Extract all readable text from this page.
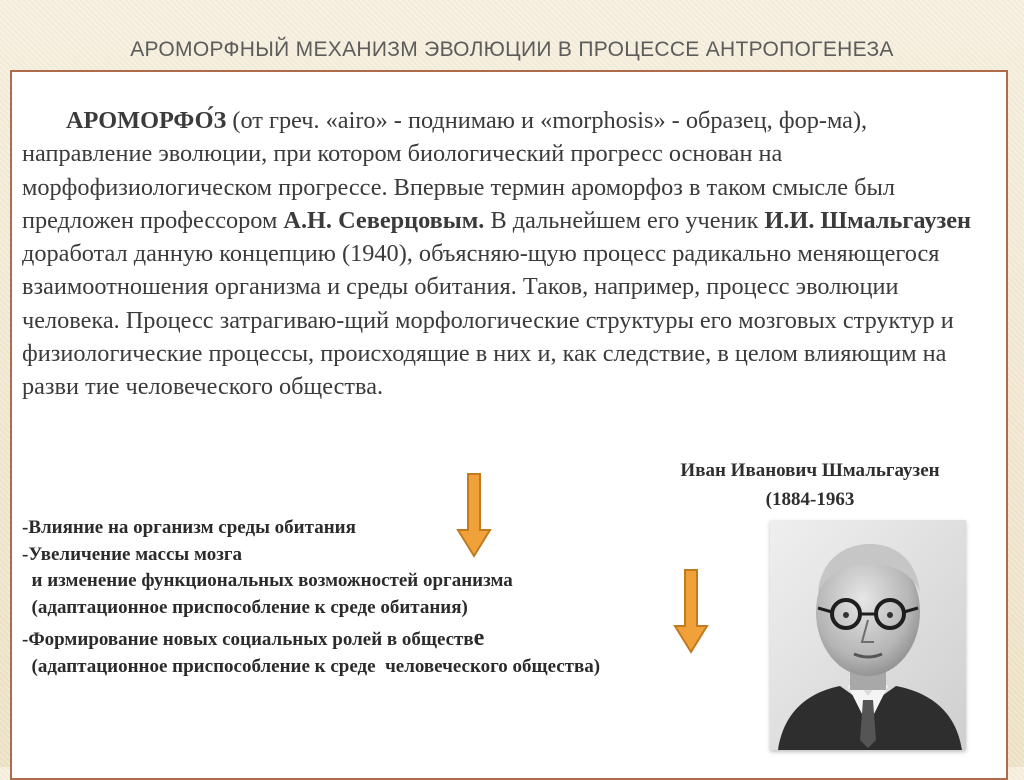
АРОМОРФНЫЙ МЕХАНИЗМ ЭВОЛЮЦИИ В ПРОЦЕССЕ АНТРОПОГЕНЕЗА

АРОМОРФО́З (от греч. «airo» - поднимаю и «morphosis» - образец, фор-ма), направление эволюции, при котором биологический прогресс основан на морфофизиологическом прогрессе. Впервые термин ароморфоз в таком смысле был предложен профессором А.Н. Северцовым. В дальнейшем его ученик И.И. Шмальгаузен доработал данную концепцию (1940), объясняю-щую процесс радикально меняющегося взаимоотношения организма и среды обитания. Таков, например, процесс эволюции человека. Процесс затрагиваю-щий морфологические структуры его мозговых структур и физиологические процессы, происходящие в них и, как следствие, в целом влияющим на разви тие человеческого общества.

Иван Иванович Шмальгаузен
(1884-1963
-Влияние на организм среды обитания
-Увеличение массы мозга
и изменение функциональных возможностей организма
(адаптационное приспособление к среде обитания)
-Формирование новых социальных ролей в обществе
(адаптационное приспособление к среде  человеческого общества)
